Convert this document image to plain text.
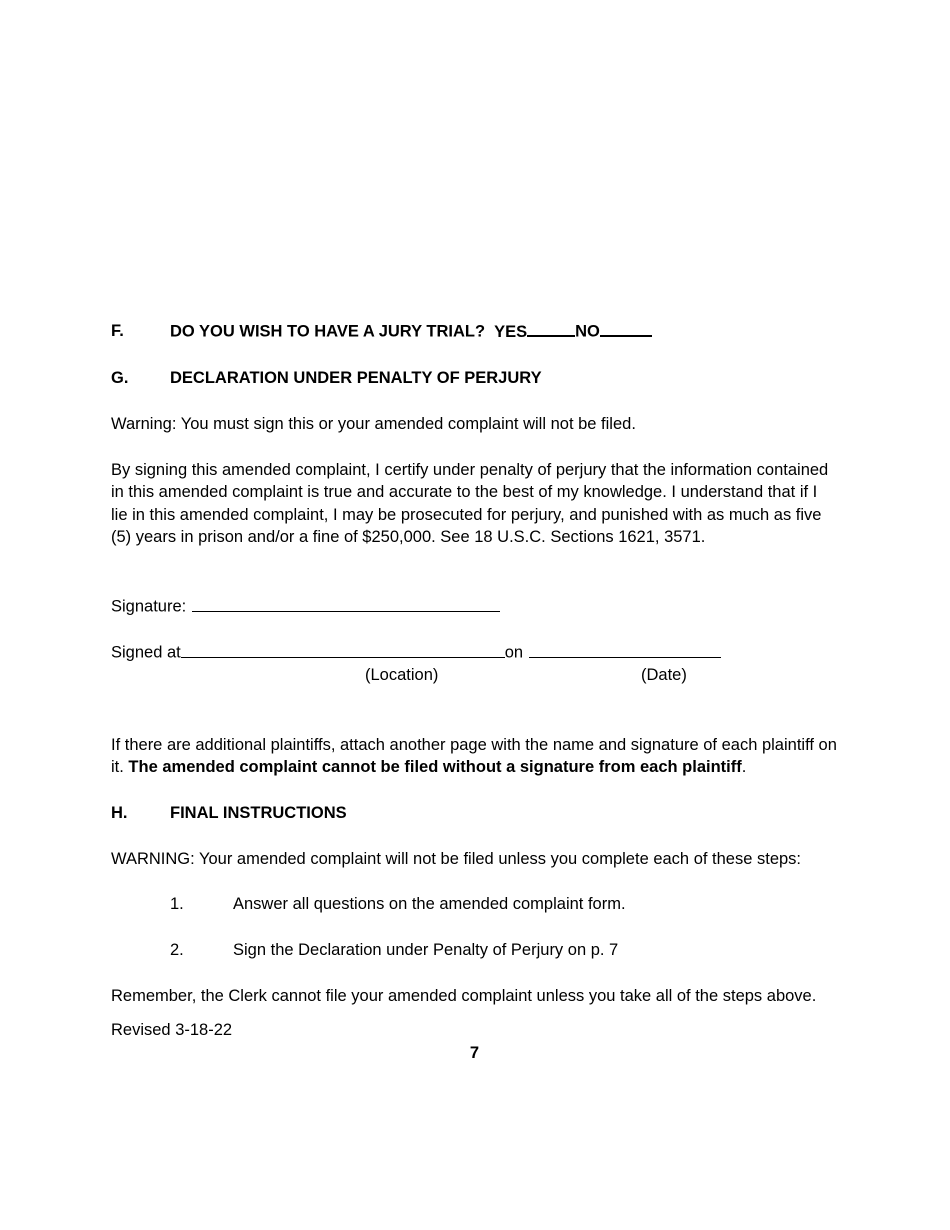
F.	DO YOU WISH TO HAVE A JURY TRIAL? YES	NO
G.	DECLARATION UNDER PENALTY OF PERJURY
Warning: You must sign this or your amended complaint will not be filed.
By signing this amended complaint, I certify under penalty of perjury that the information contained in this amended complaint is true and accurate to the best of my knowledge. I understand that if I lie in this amended complaint, I may be prosecuted for perjury, and punished with as much as five (5) years in prison and/or a fine of $250,000. See 18 U.S.C. Sections 1621, 3571.
Signature:
Signed at	on
(Location)	(Date)
If there are additional plaintiffs, attach another page with the name and signature of each plaintiff on it. The amended complaint cannot be filed without a signature from each plaintiff.
H.	FINAL INSTRUCTIONS
WARNING: Your amended complaint will not be filed unless you complete each of these steps:
1.	Answer all questions on the amended complaint form.
2.	Sign the Declaration under Penalty of Perjury on p. 7
Remember, the Clerk cannot file your amended complaint unless you take all of the steps above.
Revised 3-18-22
7
